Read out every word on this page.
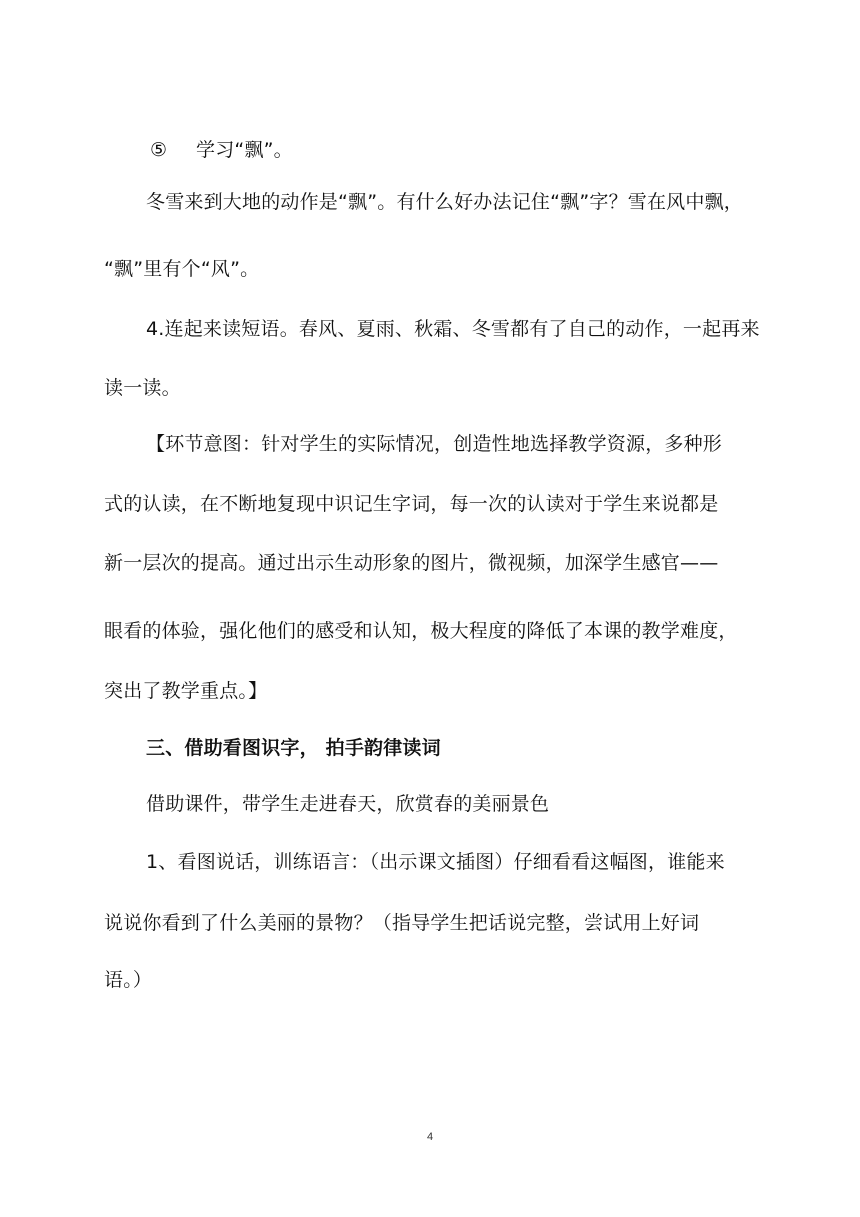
⑤ 学习“飘”。
冬雪来到大地的动作是“飘”。有什么好办法记住“飘”字？雪在风中飘，
“飘”里有个“风”。
4.连起来读短语。春风、夏雨、秋霜、冬雪都有了自己的动作，一起再来
读一读。
【环节意图：针对学生的实际情况，创造性地选择教学资源，多种形
式的认读，在不断地复现中识记生字词，每一次的认读对于学生来说都是
新一层次的提高。通过出示生动形象的图片，微视频，加深学生感官——
眼看的体验，强化他们的感受和认知，极大程度的降低了本课的教学难度，
突出了教学重点。】
三、借助看图识字， 拍手韵律读词
借助课件，带学生走进春天，欣赏春的美丽景色
1、看图说话，训练语言：（出示课文插图）仔细看看这幅图，谁能来
说说你看到了什么美丽的景物？（指导学生把话说完整，尝试用上好词
语。）
4
